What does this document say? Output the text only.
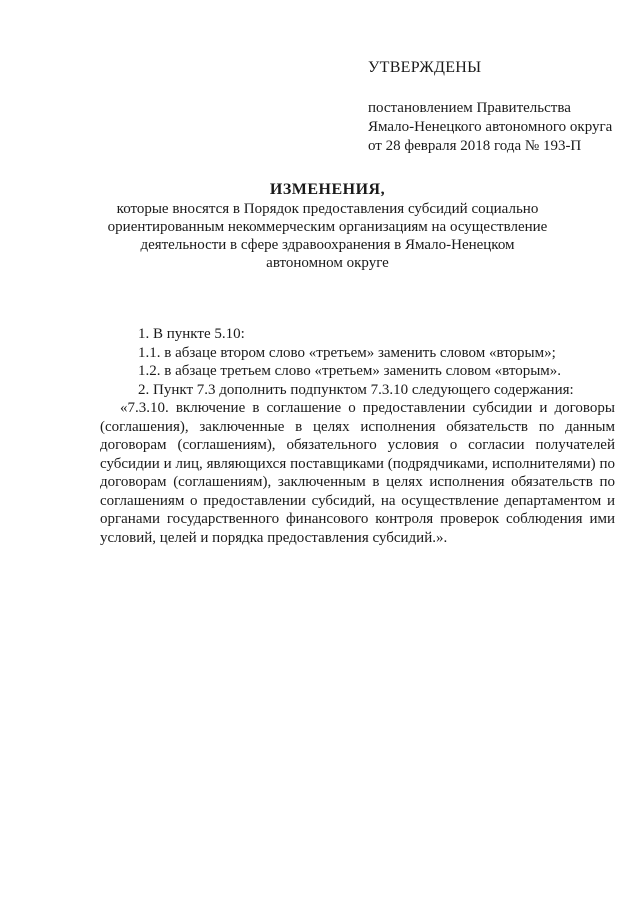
УТВЕРЖДЕНЫ
постановлением Правительства
Ямало-Ненецкого автономного округа
от 28 февраля 2018 года № 193-П
ИЗМЕНЕНИЯ,
которые вносятся в Порядок предоставления субсидий социально
ориентированным некоммерческим организациям на осуществление
деятельности в сфере здравоохранения в Ямало-Ненецком
автономном округе
1. В пункте 5.10:
1.1. в абзаце втором слово «третьем» заменить словом «вторым»;
1.2. в абзаце третьем слово «третьем» заменить словом «вторым».
2. Пункт 7.3 дополнить подпунктом 7.3.10 следующего содержания:
«7.3.10. включение в соглашение о предоставлении субсидии и договоры
(соглашения), заключенные в целях исполнения обязательств по данным
договорам (соглашениям), обязательного условия о согласии получателей
субсидии и лиц, являющихся поставщиками (подрядчиками, исполнителями) по
договорам (соглашениям), заключенным в целях исполнения обязательств по
соглашениям о предоставлении субсидий, на осуществление департаментом и
органами государственного финансового контроля проверок соблюдения ими
условий, целей и порядка предоставления субсидий.».
